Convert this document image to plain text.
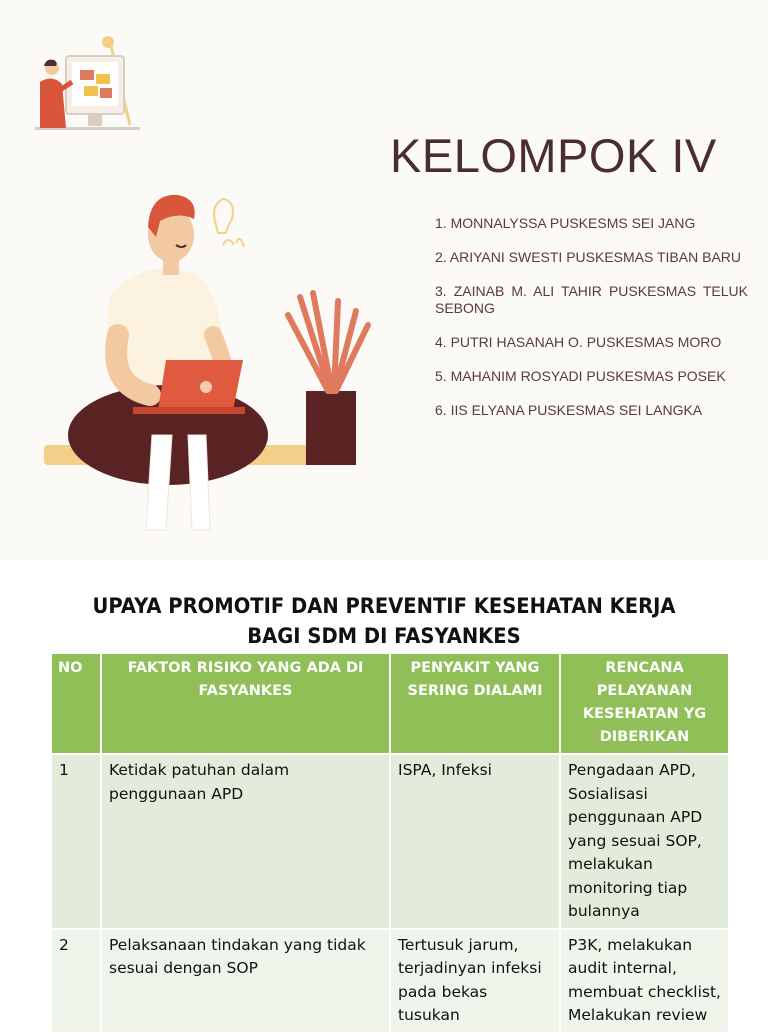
KELOMPOK IV
1. MONNALYSSA PUSKESMS SEI JANG
2. ARIYANI SWESTI PUSKESMAS TIBAN BARU
3. ZAINAB M. ALI TAHIR PUSKESMAS TELUK SEBONG
4. PUTRI HASANAH O. PUSKESMAS MORO
5. MAHANIM ROSYADI PUSKESMAS POSEK
6. IIS ELYANA PUSKESMAS SEI LANGKA
UPAYA PROMOTIF DAN PREVENTIF KESEHATAN KERJA BAGI SDM DI FASYANKES
NO	FAKTOR RISIKO YANG ADA DI FASYANKES	PENYAKIT YANG SERING DIALAMI	RENCANA PELAYANAN KESEHATAN YG DIBERIKAN
1	Ketidak patuhan dalam penggunaan APD	ISPA, Infeksi	Pengadaan APD, Sosialisasi penggunaan APD yang sesuai SOP, melakukan monitoring tiap bulannya
2	Pelaksanaan tindakan yang tidak sesuai dengan SOP	Tertusuk jarum, terjadinyan infeksi pada bekas tusukan	P3K, melakukan audit internal, membuat checklist, Melakukan review
